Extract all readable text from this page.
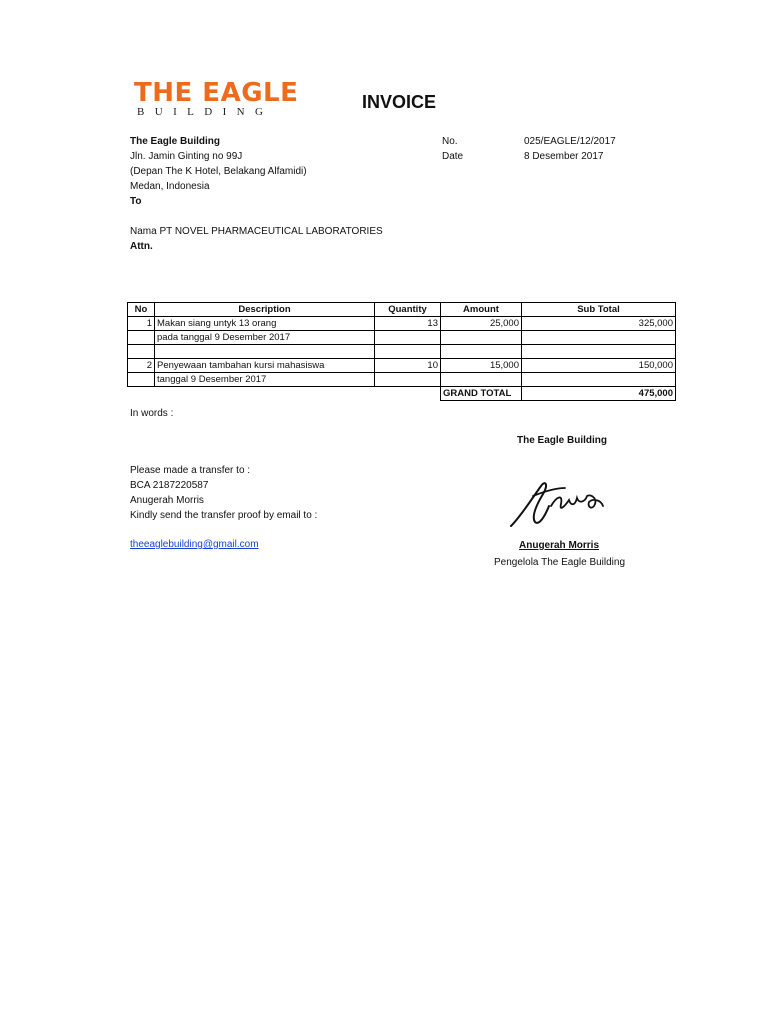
THE EAGLE
BUILDING	INVOICE
The Eagle Building
Jln. Jamin Ginting no 99J
(Depan The K Hotel, Belakang Alfamidi)
Medan, Indonesia
To
No.	025/EAGLE/12/2017
Date	8 Desember 2017
Nama PT NOVEL PHARMACEUTICAL LABORATORIES
Attn.
No	Description	Quantity	Amount	Sub Total
1	Makan siang untyk 13 orang	13	25,000	325,000
	pada tanggal 9 Desember 2017			

2	Penyewaan tambahan kursi mahasiswa	10	15,000	150,000
	tanggal 9 Desember 2017			
			GRAND TOTAL	475,000
In words :
The Eagle Building
Please made a transfer to :
BCA 2187220587
Anugerah Morris
Kindly send the transfer proof by email to :
theeaglebuilding@gmail.com	Anugerah Morris
Pengelola The Eagle Building
